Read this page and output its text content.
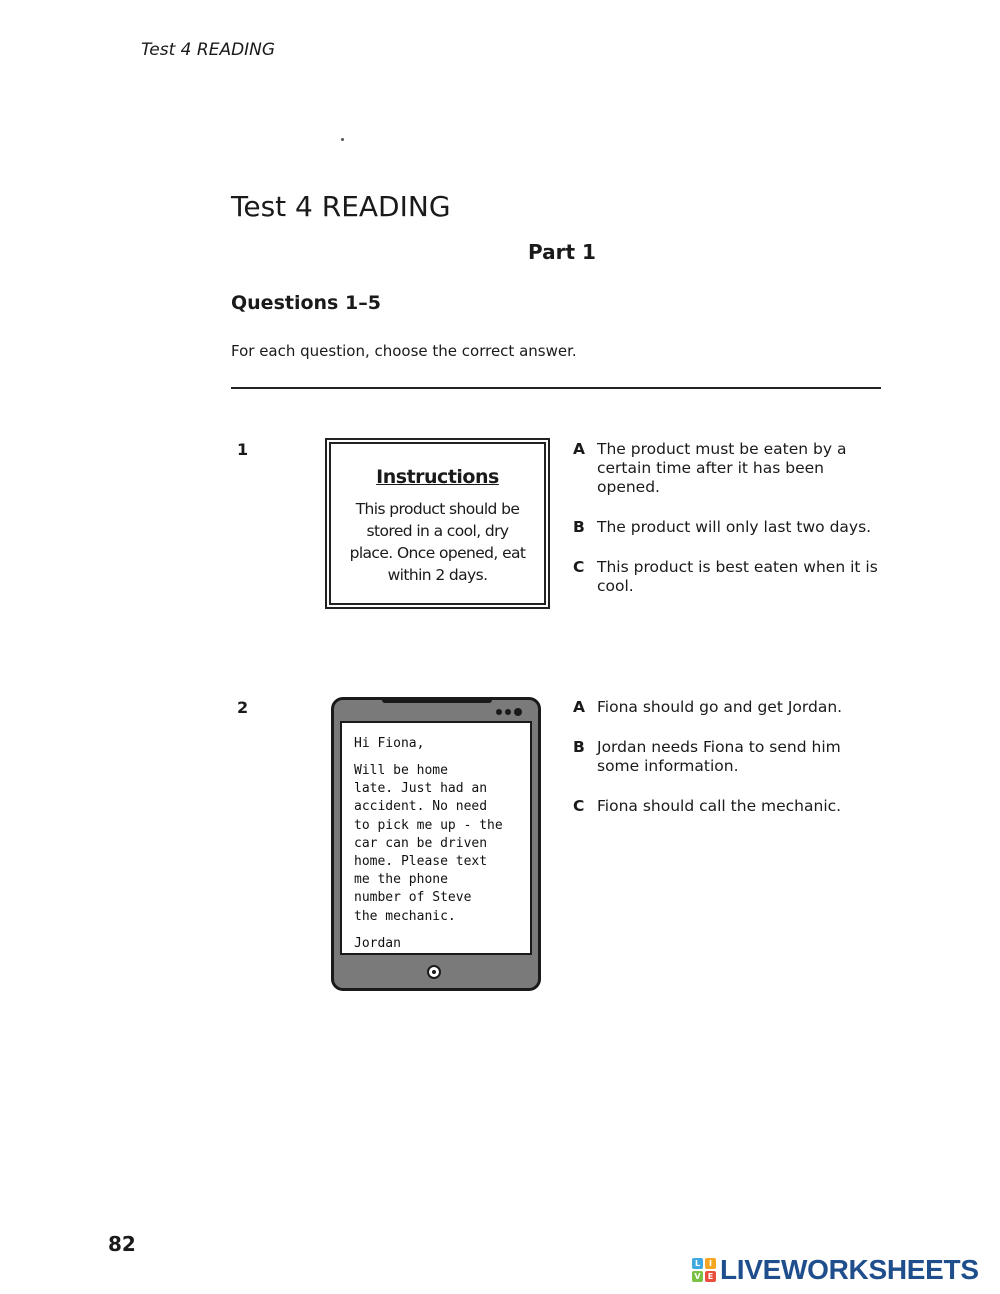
Test 4 READING
Test 4 READING
Part 1
Questions 1–5
For each question, choose the correct answer.
1
Instructions
This product should be stored in a cool, dry place. Once opened, eat within 2 days.
A The product must be eaten by a certain time after it has been opened.
B The product will only last two days.
C This product is best eaten when it is cool.
2
Hi Fiona,
Will be home
late. Just had an
accident. No need
to pick me up - the
car can be driven
home. Please text
me the phone
number of Steve
the mechanic.
Jordan
A Fiona should go and get Jordan.
B Jordan needs Fiona to send him some information.
C Fiona should call the mechanic.
82
L	I
V E LIVEWORKSHEETS
